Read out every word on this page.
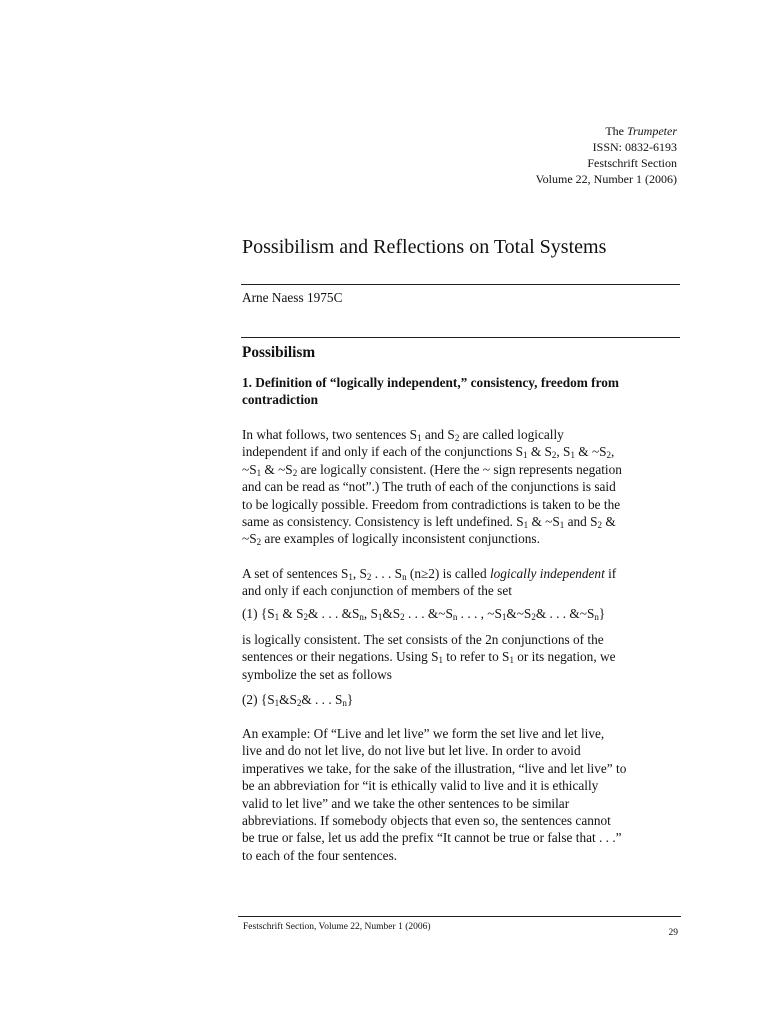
The Trumpeter
ISSN: 0832-6193
Festschrift Section
Volume 22, Number 1 (2006)
Possibilism and Reflections on Total Systems
Arne Naess 1975C
Possibilism
1. Definition of “logically independent,” consistency, freedom from contradiction
In what follows, two sentences $S_1$ and $S_2$ are called logically
independent if and only if each of the conjunctions $S_1$ & $S_2$, $S_1$ & $\sim S_2$,
$\sim S_1$ & $\sim S_2$ are logically consistent. (Here the ~ sign represents negation
and can be read as “not”.) The truth of each of the conjunctions is said
to be logically possible. Freedom from contradictions is taken to be the
same as consistency. Consistency is left undefined. $S_1$ & $\sim S_1$ and $S_2$ &
$\sim S_2$ are examples of logically inconsistent conjunctions.
A set of sentences $S_1$, $S_2$ . . . $S_n$ (n≥2) is called logically independent if
and only if each conjunction of members of the set
(1) {$S_1$ & $S_2\&$ . . . $\&S_n$, $S_1\&S_2$ . . . $\&\sim S_n$ . . . , $\sim S_1\&\sim S_2\&$ . . . $\&\sim S_n$}
is logically consistent. The set consists of the 2n conjunctions of the
sentences or their negations. Using $S_1$ to refer to $S_1$ or its negation, we
symbolize the set as follows
(2) {$S_1\&S_2\&$ . . . $S_n$}
An example: Of “Live and let live” we form the set live and let live,
live and do not let live, do not live but let live. In order to avoid
imperatives we take, for the sake of the illustration, “live and let live” to
be an abbreviation for “it is ethically valid to live and it is ethically
valid to let live” and we take the other sentences to be similar
abbreviations. If somebody objects that even so, the sentences cannot
be true or false, let us add the prefix “It cannot be true or false that . . .”
to each of the four sentences.
Festschrift Section, Volume 22, Number 1 (2006)
29
